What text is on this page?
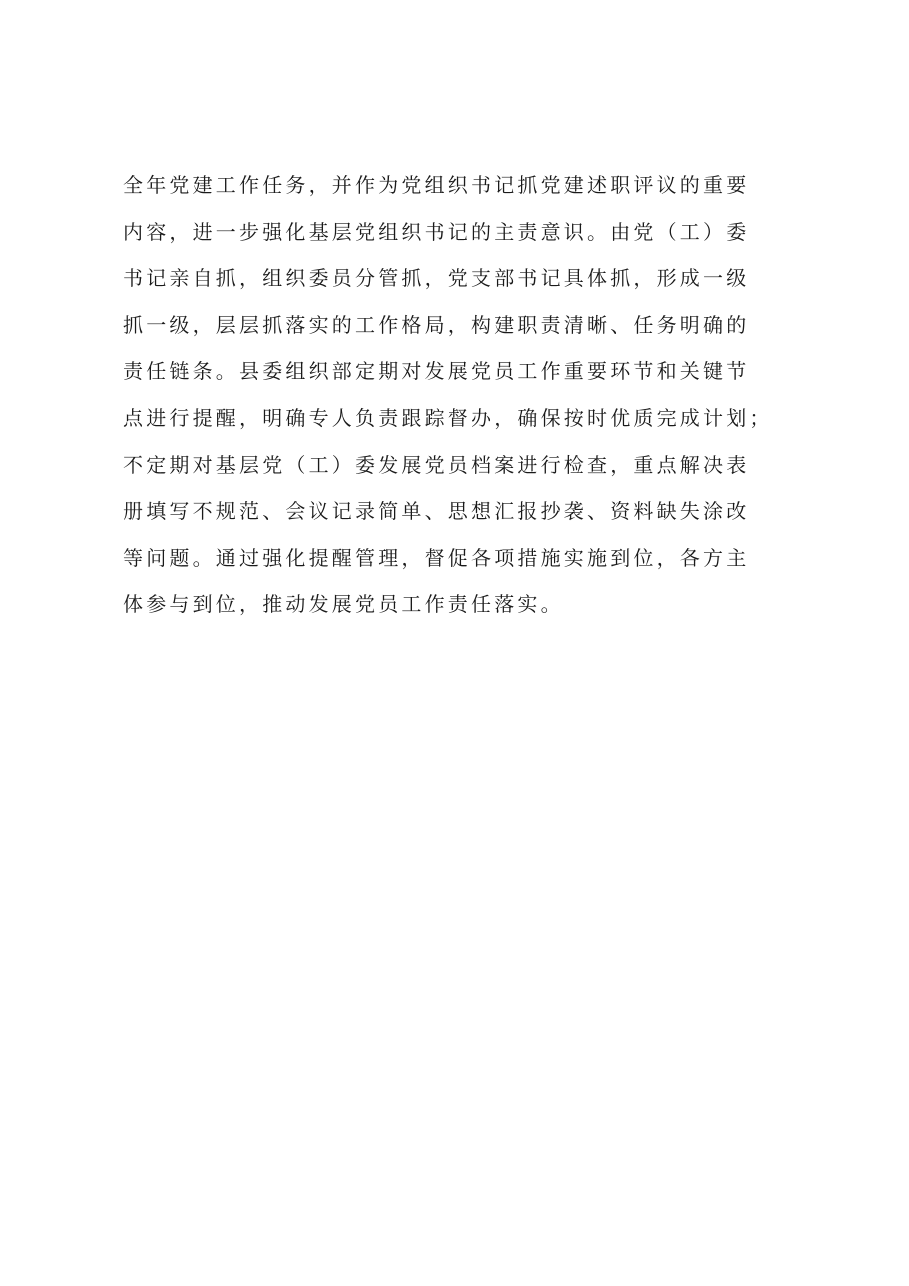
全年党建工作任务，并作为党组织书记抓党建述职评议的重要
内容，进一步强化基层党组织书记的主责意识。由党（工）委
书记亲自抓，组织委员分管抓，党支部书记具体抓，形成一级
抓一级，层层抓落实的工作格局，构建职责清晰、任务明确的
责任链条。县委组织部定期对发展党员工作重要环节和关键节
点进行提醒，明确专人负责跟踪督办，确保按时优质完成计划；
不定期对基层党（工）委发展党员档案进行检查，重点解决表
册填写不规范、会议记录简单、思想汇报抄袭、资料缺失涂改
等问题。通过强化提醒管理，督促各项措施实施到位，各方主
体参与到位，推动发展党员工作责任落实。
